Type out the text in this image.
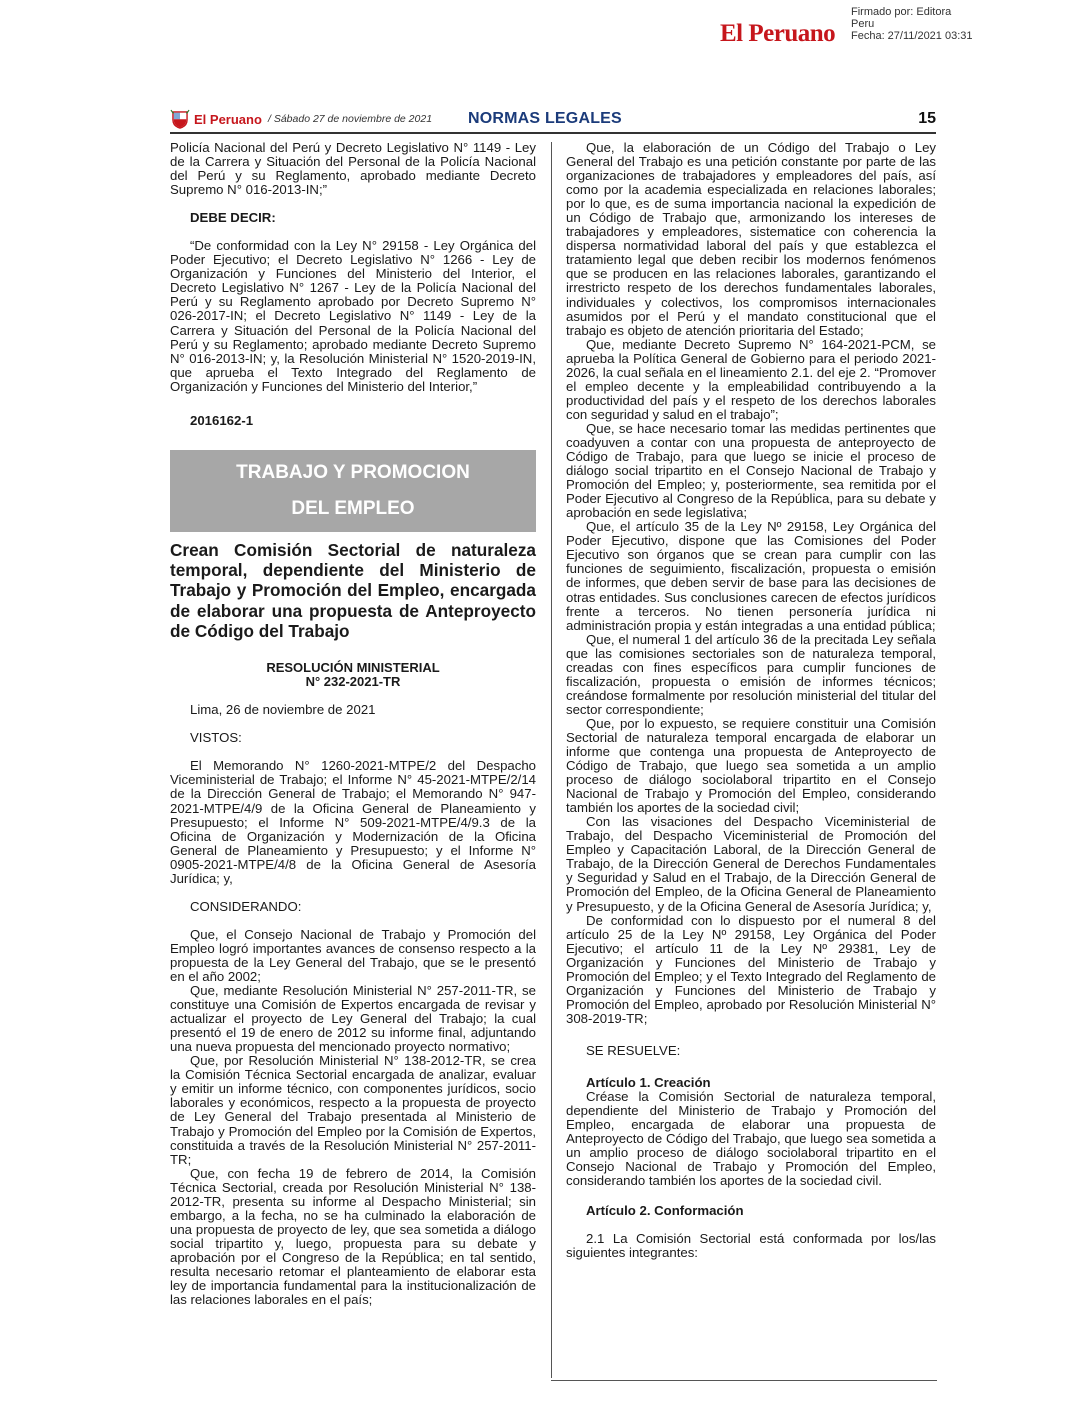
El Peruano
Firmado por: Editora
Peru
Fecha: 27/11/2021 03:31
El Peruano / Sábado 27 de noviembre de 2021 NORMAS LEGALES	15

Policía Nacional del Perú y Decreto Legislativo N° 1149 - Ley de la Carrera y Situación del Personal de la Policía Nacional del Perú y su Reglamento, aprobado mediante Decreto Supremo N° 016-2013-IN;”

DEBE DECIR:

“De conformidad con la Ley N° 29158 - Ley Orgánica del Poder Ejecutivo; el Decreto Legislativo N° 1266 - Ley de Organización y Funciones del Ministerio del Interior, el Decreto Legislativo N° 1267 - Ley de la Policía Nacional del Perú y su Reglamento aprobado por Decreto Supremo N° 026-2017-IN; el Decreto Legislativo N° 1149 - Ley de la Carrera y Situación del Personal de la Policía Nacional del Perú y su Reglamento; aprobado mediante Decreto Supremo N° 016-2013-IN; y, la Resolución Ministerial N° 1520-2019-IN, que aprueba el Texto Integrado del Reglamento de Organización y Funciones del Ministerio del Interior,”

2016162-1

TRABAJO Y PROMOCION
DEL EMPLEO

Crean Comisión Sectorial de naturaleza temporal, dependiente del Ministerio de Trabajo y Promoción del Empleo, encargada de elaborar una propuesta de Anteproyecto de Código del Trabajo

RESOLUCIÓN MINISTERIAL
N° 232-2021-TR

Lima, 26 de noviembre de 2021

VISTOS:

El Memorando N° 1260-2021-MTPE/2 del Despacho Viceministerial de Trabajo; el Informe N° 45-2021-MTPE/2/14 de la Dirección General de Trabajo; el Memorando N° 947-2021-MTPE/4/9 de la Oficina General de Planeamiento y Presupuesto; el Informe N° 509-2021-MTPE/4/9.3 de la Oficina de Organización y Modernización de la Oficina General de Planeamiento y Presupuesto; y el Informe N° 0905-2021-MTPE/4/8 de la Oficina General de Asesoría Jurídica; y,

CONSIDERANDO:

Que, el Consejo Nacional de Trabajo y Promoción del Empleo logró importantes avances de consenso respecto a la propuesta de la Ley General del Trabajo, que se le presentó en el año 2002;

Que, mediante Resolución Ministerial N° 257-2011-TR, se constituye una Comisión de Expertos encargada de revisar y actualizar el proyecto de Ley General del Trabajo; la cual presentó el 19 de enero de 2012 su informe final, adjuntando una nueva propuesta del mencionado proyecto normativo;

Que, por Resolución Ministerial N° 138-2012-TR, se crea la Comisión Técnica Sectorial encargada de analizar, evaluar y emitir un informe técnico, con componentes jurídicos, socio laborales y económicos, respecto a la propuesta de proyecto de Ley General del Trabajo presentada al Ministerio de Trabajo y Promoción del Empleo por la Comisión de Expertos, constituida a través de la Resolución Ministerial N° 257-2011-TR;

Que, con fecha 19 de febrero de 2014, la Comisión Técnica Sectorial, creada por Resolución Ministerial N° 138-2012-TR, presenta su informe al Despacho Ministerial; sin embargo, a la fecha, no se ha culminado la elaboración de una propuesta de proyecto de ley, que sea sometida a diálogo social tripartito y, luego, propuesta para su debate y aprobación por el Congreso de la República; en tal sentido, resulta necesario retomar el planteamiento de elaborar esta ley de importancia fundamental para la institucionalización de las relaciones laborales en el país;

Que, la elaboración de un Código del Trabajo o Ley General del Trabajo es una petición constante por parte de las organizaciones de trabajadores y empleadores del país, así como por la academia especializada en relaciones laborales; por lo que, es de suma importancia nacional la expedición de un Código de Trabajo que, armonizando los intereses de trabajadores y empleadores, sistematice con coherencia la dispersa normatividad laboral del país y que establezca el tratamiento legal que deben recibir los modernos fenómenos que se producen en las relaciones laborales, garantizando el irrestricto respeto de los derechos fundamentales laborales, individuales y colectivos, los compromisos internacionales asumidos por el Perú y el mandato constitucional que el trabajo es objeto de atención prioritaria del Estado;

Que, mediante Decreto Supremo N° 164-2021-PCM, se aprueba la Política General de Gobierno para el periodo 2021-2026, la cual señala en el lineamiento 2.1. del eje 2. “Promover el empleo decente y la empleabilidad contribuyendo a la productividad del país y el respeto de los derechos laborales con seguridad y salud en el trabajo”;

Que, se hace necesario tomar las medidas pertinentes que coadyuven a contar con una propuesta de anteproyecto de Código de Trabajo, para que luego se inicie el proceso de diálogo social tripartito en el Consejo Nacional de Trabajo y Promoción del Empleo; y, posteriormente, sea remitida por el Poder Ejecutivo al Congreso de la República, para su debate y aprobación en sede legislativa;

Que, el artículo 35 de la Ley Nº 29158, Ley Orgánica del Poder Ejecutivo, dispone que las Comisiones del Poder Ejecutivo son órganos que se crean para cumplir con las funciones de seguimiento, fiscalización, propuesta o emisión de informes, que deben servir de base para las decisiones de otras entidades. Sus conclusiones carecen de efectos jurídicos frente a terceros. No tienen personería jurídica ni administración propia y están integradas a una entidad pública;

Que, el numeral 1 del artículo 36 de la precitada Ley señala que las comisiones sectoriales son de naturaleza temporal, creadas con fines específicos para cumplir funciones de fiscalización, propuesta o emisión de informes técnicos; creándose formalmente por resolución ministerial del titular del sector correspondiente;

Que, por lo expuesto, se requiere constituir una Comisión Sectorial de naturaleza temporal encargada de elaborar un informe que contenga una propuesta de Anteproyecto de Código de Trabajo, que luego sea sometida a un amplio proceso de diálogo sociolaboral tripartito en el Consejo Nacional de Trabajo y Promoción del Empleo, considerando también los aportes de la sociedad civil;

Con las visaciones del Despacho Viceministerial de Trabajo, del Despacho Viceministerial de Promoción del Empleo y Capacitación Laboral, de la Dirección General de Trabajo, de la Dirección General de Derechos Fundamentales y Seguridad y Salud en el Trabajo, de la Dirección General de Promoción del Empleo, de la Oficina General de Planeamiento y Presupuesto, y de la Oficina General de Asesoría Jurídica; y,

De conformidad con lo dispuesto por el numeral 8 del artículo 25 de la Ley Nº 29158, Ley Orgánica del Poder Ejecutivo; el artículo 11 de la Ley Nº 29381, Ley de Organización y Funciones del Ministerio de Trabajo y Promoción del Empleo; y el Texto Integrado del Reglamento de Organización y Funciones del Ministerio de Trabajo y Promoción del Empleo, aprobado por Resolución Ministerial N° 308-2019-TR;

SE RESUELVE:

Artículo 1. Creación

Créase la Comisión Sectorial de naturaleza temporal, dependiente del Ministerio de Trabajo y Promoción del Empleo, encargada de elaborar una propuesta de Anteproyecto de Código del Trabajo, que luego sea sometida a un amplio proceso de diálogo sociolaboral tripartito en el Consejo Nacional de Trabajo y Promoción del Empleo, considerando también los aportes de la sociedad civil.

Artículo 2. Conformación

2.1 La Comisión Sectorial está conformada por los/las siguientes integrantes:
